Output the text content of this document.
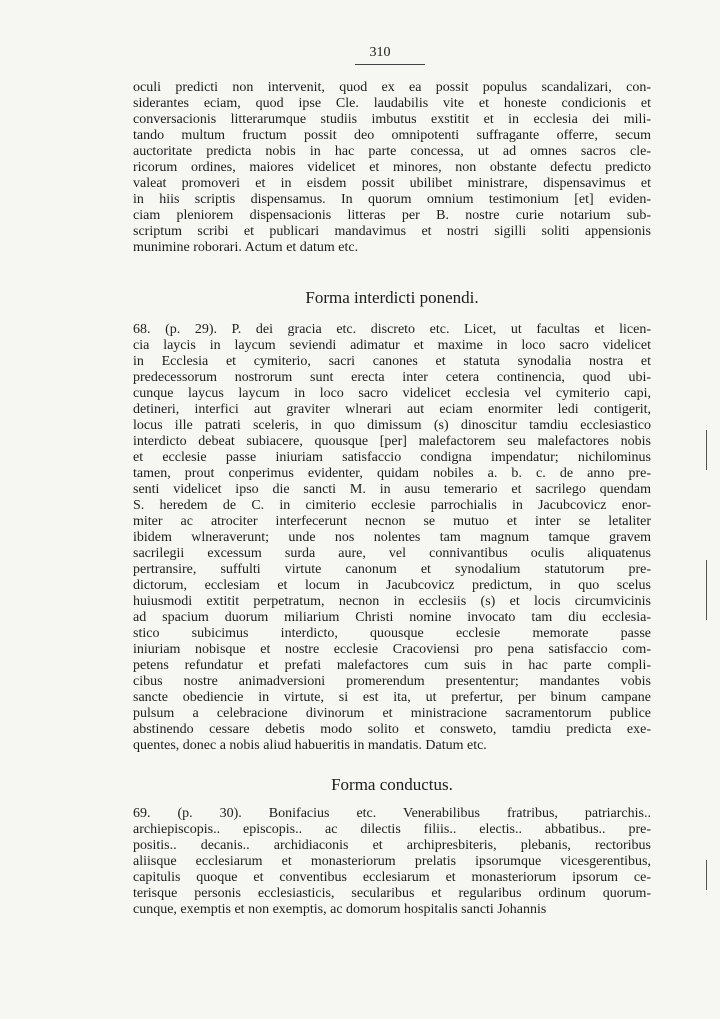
310
oculi predicti non intervenit, quod ex ea possit populus scandalizari, con-
siderantes eciam, quod ipse Cle. laudabilis vite et honeste condicionis et
conversacionis litterarumque studiis imbutus exstitit et in ecclesia dei mili-
tando multum fructum possit deo omnipotenti suffragante offerre, secum
auctoritate predicta nobis in hac parte concessa, ut ad omnes sacros cle-
ricorum ordines, maiores videlicet et minores, non obstante defectu predicto
valeat promoveri et in eisdem possit ubilibet ministrare, dispensavimus et
in hiis scriptis dispensamus. In quorum omnium testimonium [et] eviden-
ciam pleniorem dispensacionis litteras per B. nostre curie notarium sub-
scriptum scribi et publicari mandavimus et nostri sigilli soliti appensionis
munimine roborari. Actum et datum etc.
Forma interdicti ponendi.
68. (p. 29). P. dei gracia etc. discreto etc. Licet, ut facultas et licen-
cia laycis in laycum seviendi adimatur et maxime in loco sacro videlicet
in Ecclesia et cymiterio, sacri canones et statuta synodalia nostra et
predecessorum nostrorum sunt erecta inter cetera continencia, quod ubi-
cunque laycus laycum in loco sacro videlicet ecclesia vel cymiterio capi,
detineri, interfici aut graviter wlnerari aut eciam enormiter ledi contigerit,
locus ille patrati sceleris, in quo dimissum (s) dinoscitur tamdiu ecclesiastico
interdicto debeat subiacere, quousque [per] malefactorem seu malefactores nobis
et ecclesie passe iniuriam satisfaccio condigna impendatur; nichilominus
tamen, prout conperimus evidenter, quidam nobiles a. b. c. de anno pre-
senti videlicet ipso die sancti M. in ausu temerario et sacrilego quendam
S. heredem de C. in cimiterio ecclesie parrochialis in Jacubcovicz enor-
miter ac atrociter interfecerunt necnon se mutuo et inter se letaliter
ibidem wlneraverunt; unde nos nolentes tam magnum tamque gravem
sacrilegii excessum surda aure, vel connivantibus oculis aliquatenus
pertransire, suffulti virtute canonum et synodalium statutorum pre-
dictorum, ecclesiam et locum in Jacubcovicz predictum, in quo scelus
huiusmodi extitit perpetratum, necnon in ecclesiis (s) et locis circumvicinis
ad spacium duorum miliarium Christi nomine invocato tam diu ecclesia-
stico subicimus interdicto, quousque ecclesie memorate passe
iniuriam nobisque et nostre ecclesie Cracoviensi pro pena satisfaccio com-
petens refundatur et prefati malefactores cum suis in hac parte compli-
cibus nostre animadversioni promerendum presententur; mandantes vobis
sancte obediencie in virtute, si est ita, ut prefertur, per binum campane
pulsum a celebracione divinorum et ministracione sacramentorum publice
abstinendo cessare debetis modo solito et consweto, tamdiu predicta exe-
quentes, donec a nobis aliud habueritis in mandatis. Datum etc.
Forma conductus.
69. (p. 30). Bonifacius etc. Venerabilibus fratribus, patriarchis..
archiepiscopis.. episcopis.. ac dilectis filiis.. electis.. abbatibus.. pre-
positis.. decanis.. archidiaconis et archipresbiteris, plebanis, rectoribus
aliisque ecclesiarum et monasteriorum prelatis ipsorumque vicesgerentibus,
capitulis quoque et conventibus ecclesiarum et monasteriorum ipsorum ce-
terisque personis ecclesiasticis, secularibus et regularibus ordinum quorum-
cunque, exemptis et non exemptis, ac domorum hospitalis sancti Johannis
